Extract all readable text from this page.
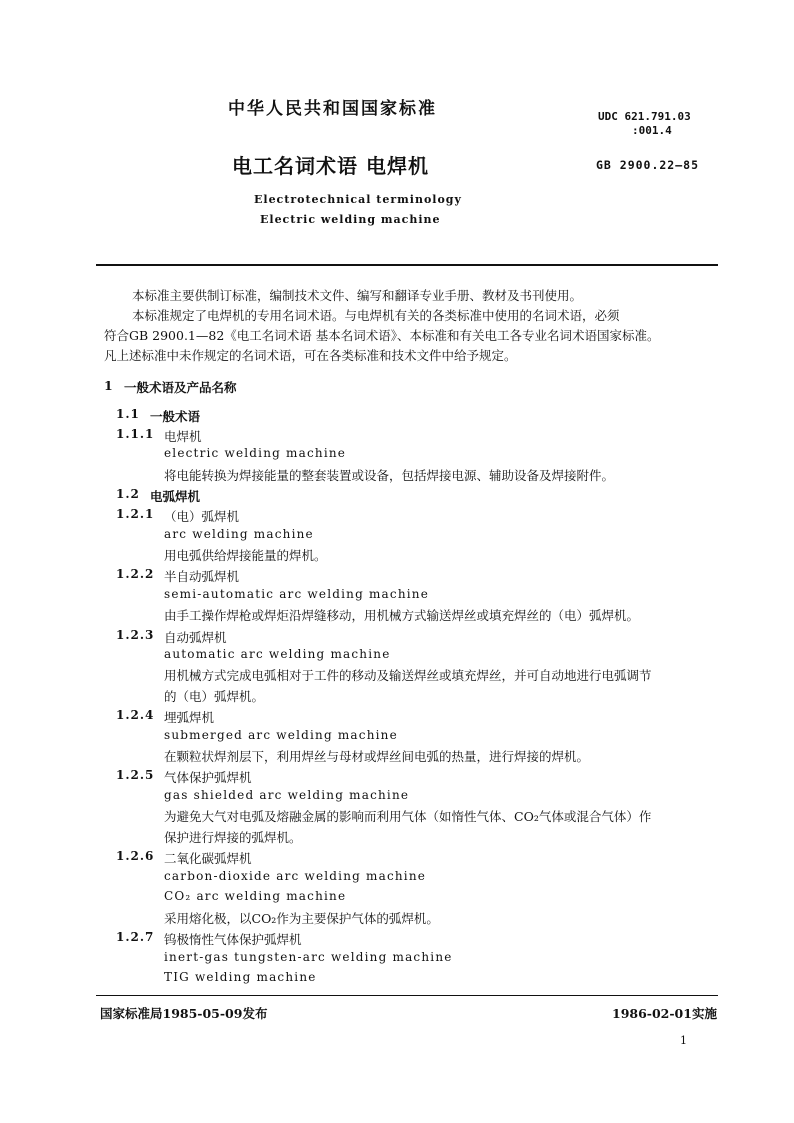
中华人民共和国国家标准	UDC 621.791.03
:001.4
电工名词术语 电焊机	GB 2900.22—85
Electrotechnical terminology
Electric welding machine
本标准主要供制订标准，编制技术文件、编写和翻译专业手册、教材及书刊使用。
本标准规定了电焊机的专用名词术语。与电焊机有关的各类标准中使用的名词术语，必须
符合GB 2900.1—82《电工名词术语 基本名词术语》、本标准和有关电工各专业名词术语国家标准。
凡上述标准中未作规定的名词术语，可在各类标准和技术文件中给予规定。
1 一般术语及产品名称
1.1 一般术语
1.1.1 电焊机
electric welding machine
将电能转换为焊接能量的整套装置或设备，包括焊接电源、辅助设备及焊接附件。
1.2 电弧焊机
1.2.1 （电）弧焊机
arc welding machine
用电弧供给焊接能量的焊机。
1.2.2 半自动弧焊机
semi-automatic arc welding machine
由手工操作焊枪或焊炬沿焊缝移动，用机械方式输送焊丝或填充焊丝的（电）弧焊机。
1.2.3 自动弧焊机
automatic arc welding machine
用机械方式完成电弧相对于工件的移动及输送焊丝或填充焊丝，并可自动地进行电弧调节
的（电）弧焊机。
1.2.4 埋弧焊机
submerged arc welding machine
在颗粒状焊剂层下，利用焊丝与母材或焊丝间电弧的热量，进行焊接的焊机。
1.2.5 气体保护弧焊机
gas shielded arc welding machine
为避免大气对电弧及熔融金属的影响而利用气体（如惰性气体、CO₂气体或混合气体）作
保护进行焊接的弧焊机。
1.2.6 二氧化碳弧焊机
carbon-dioxide arc welding machine
CO₂ arc welding machine
采用熔化极，以CO₂作为主要保护气体的弧焊机。
1.2.7 钨极惰性气体保护弧焊机
inert-gas tungsten-arc welding machine
TIG welding machine
国家标准局1985-05-09发布	1986-02-01实施
1
